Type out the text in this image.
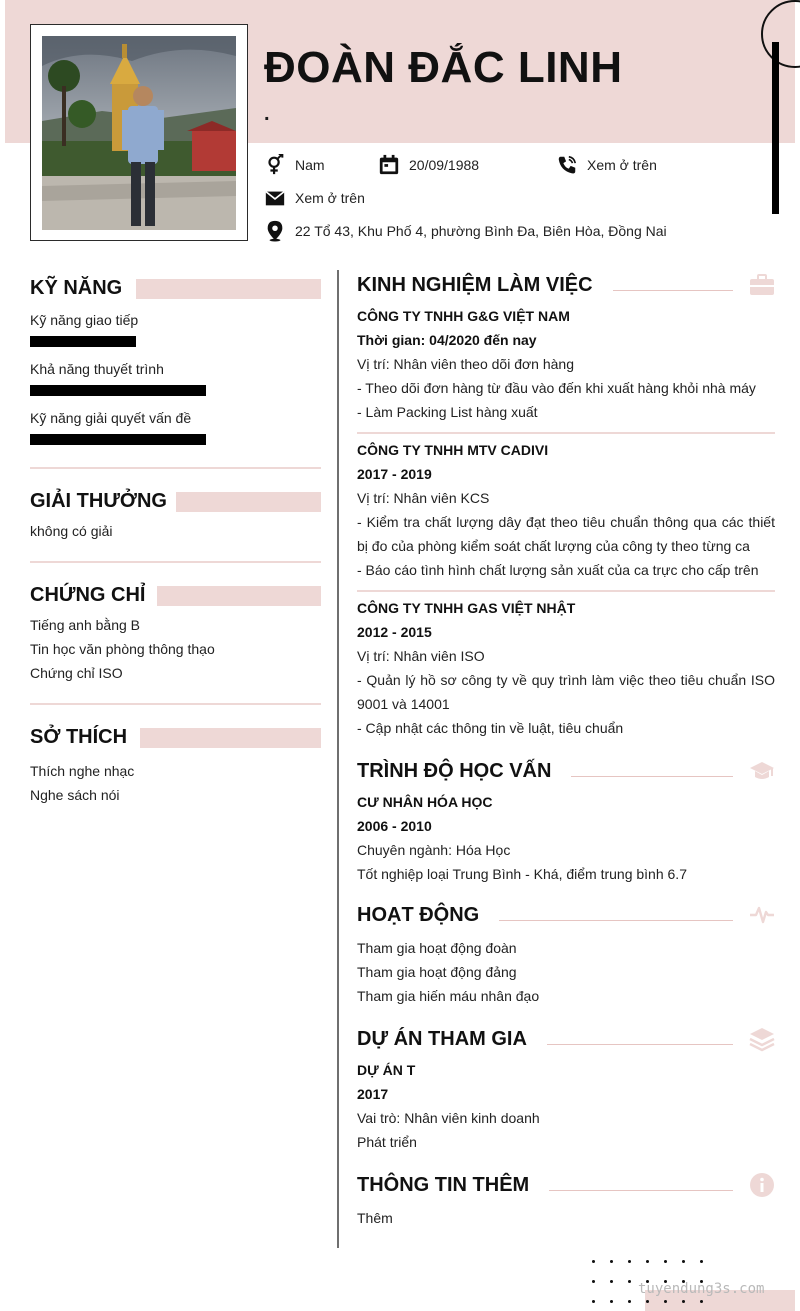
ĐOÀN ĐẮC LINH
.
Nam	20/09/1988	Xem ở trên
Xem ở trên
22 Tổ 43, Khu Phố 4, phường Bình Đa, Biên Hòa, Đồng Nai
KỸ NĂNG
Kỹ năng giao tiếp
Khả năng thuyết trình
Kỹ năng giải quyết vấn đề
GIẢI THƯỞNG
không có giải
CHỨNG CHỈ
Tiếng anh bằng B
Tin học văn phòng thông thạo
Chứng chỉ ISO
SỞ THÍCH
Thích nghe nhạc
Nghe sách nói
KINH NGHIỆM LÀM VIỆC
CÔNG TY TNHH G&G VIỆT NAM
Thời gian: 04/2020 đến nay
Vị trí: Nhân viên theo dõi đơn hàng
- Theo dõi đơn hàng từ đầu vào đến khi xuất hàng khỏi nhà máy
- Làm Packing List hàng xuất
CÔNG TY TNHH MTV CADIVI
2017 - 2019
Vị trí: Nhân viên KCS
- Kiểm tra chất lượng dây đạt theo tiêu chuẩn thông qua các thiết bị đo của phòng kiểm soát chất lượng của công ty theo từng ca
- Báo cáo tình hình chất lượng sản xuất của ca trực cho cấp trên
CÔNG TY TNHH GAS VIỆT NHẬT
2012 - 2015
Vị trí: Nhân viên ISO
- Quản lý hồ sơ công ty về quy trình làm việc theo tiêu chuẩn ISO 9001 và 14001
- Cập nhật các thông tin về luật, tiêu chuẩn
TRÌNH ĐỘ HỌC VẤN
CƯ NHÂN HÓA HỌC
2006 - 2010
Chuyên ngành: Hóa Học
Tốt nghiệp loại Trung Bình - Khá, điểm trung bình 6.7
HOẠT ĐỘNG
Tham gia hoạt động đoàn
Tham gia hoạt động đảng
Tham gia hiến máu nhân đạo
DỰ ÁN THAM GIA
DỰ ÁN T
2017
Vai trò: Nhân viên kinh doanh
Phát triển
THÔNG TIN THÊM
Thêm
tuyendung3s.com
